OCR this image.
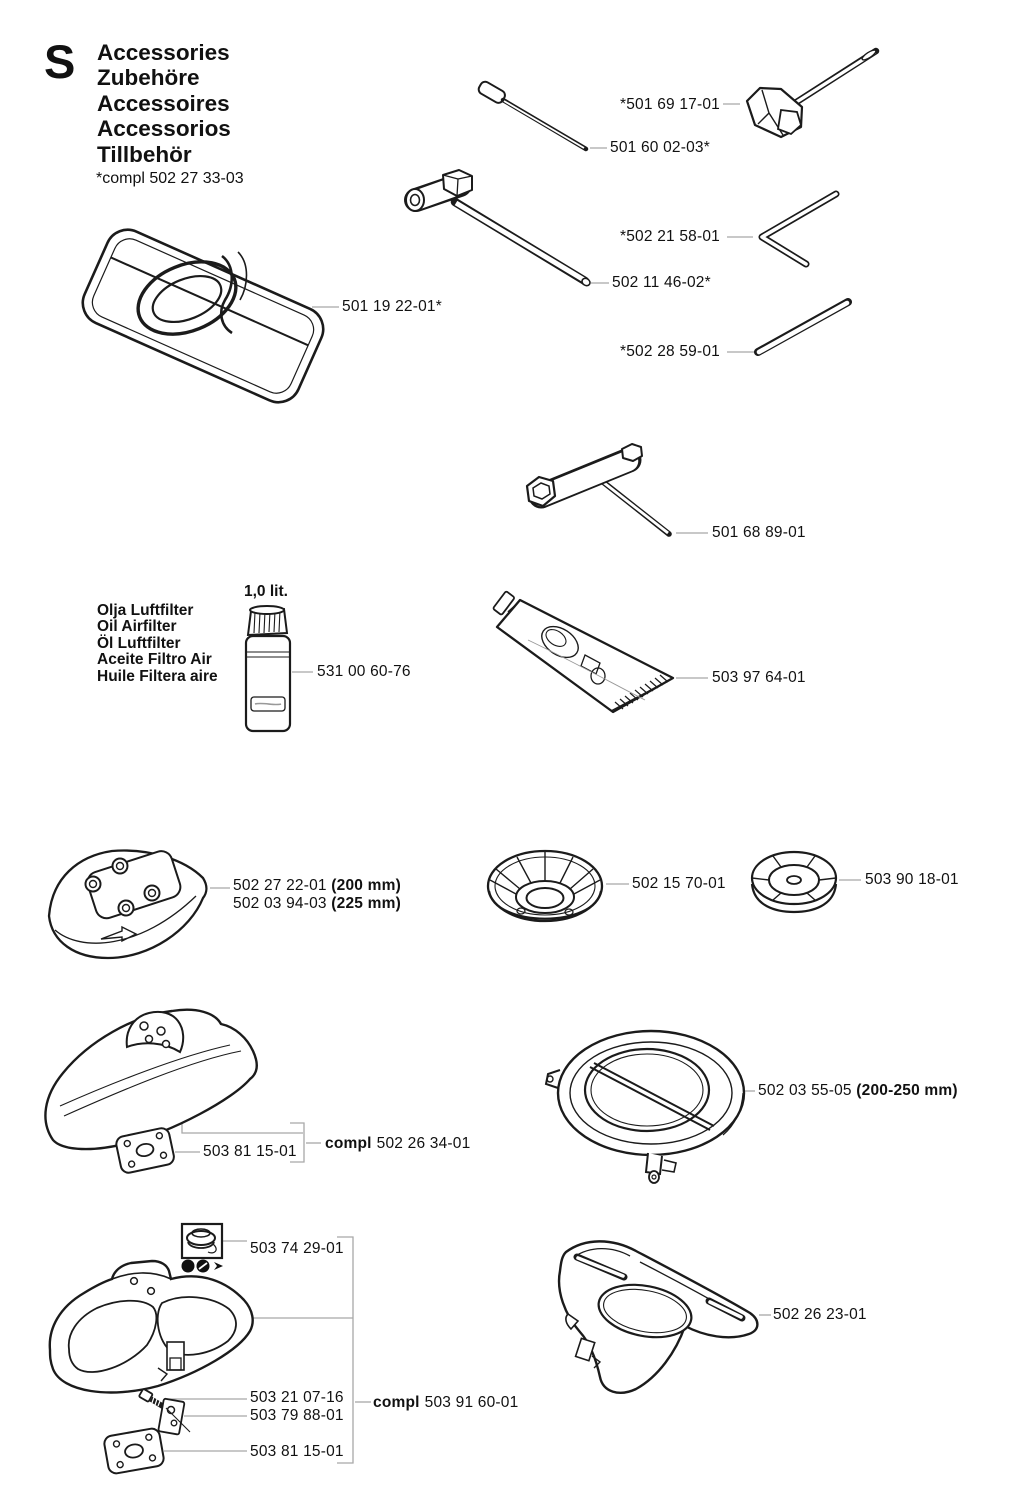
S Accessories
Zubehöre
Accessoires
Accessorios
Tillbehör
*compl 502 27 33-03
1,0 lit.
Olja Luftfilter
Oil Airfilter
Öl Luftfilter
Aceite Filtro Air
Huile Filtera aire
*501 69 17-01
501 60 02-03*
*502 21 58-01
502 11 46-02*
*502 28 59-01
501 19 22-01*
501 68 89-01
531 00 60-76	503 97 64-01
502 27 22-01 (200 mm)
502 03 94-03 (225 mm)
502 15 70-01	503 90 18-01
503 81 15-01 compl 502 26 34-01
502 03 55-05 (200-250 mm)
503 74 29-01
503 21 07-16
503 79 88-01
compl 503 91 60-01
503 81 15-01
502 26 23-01
